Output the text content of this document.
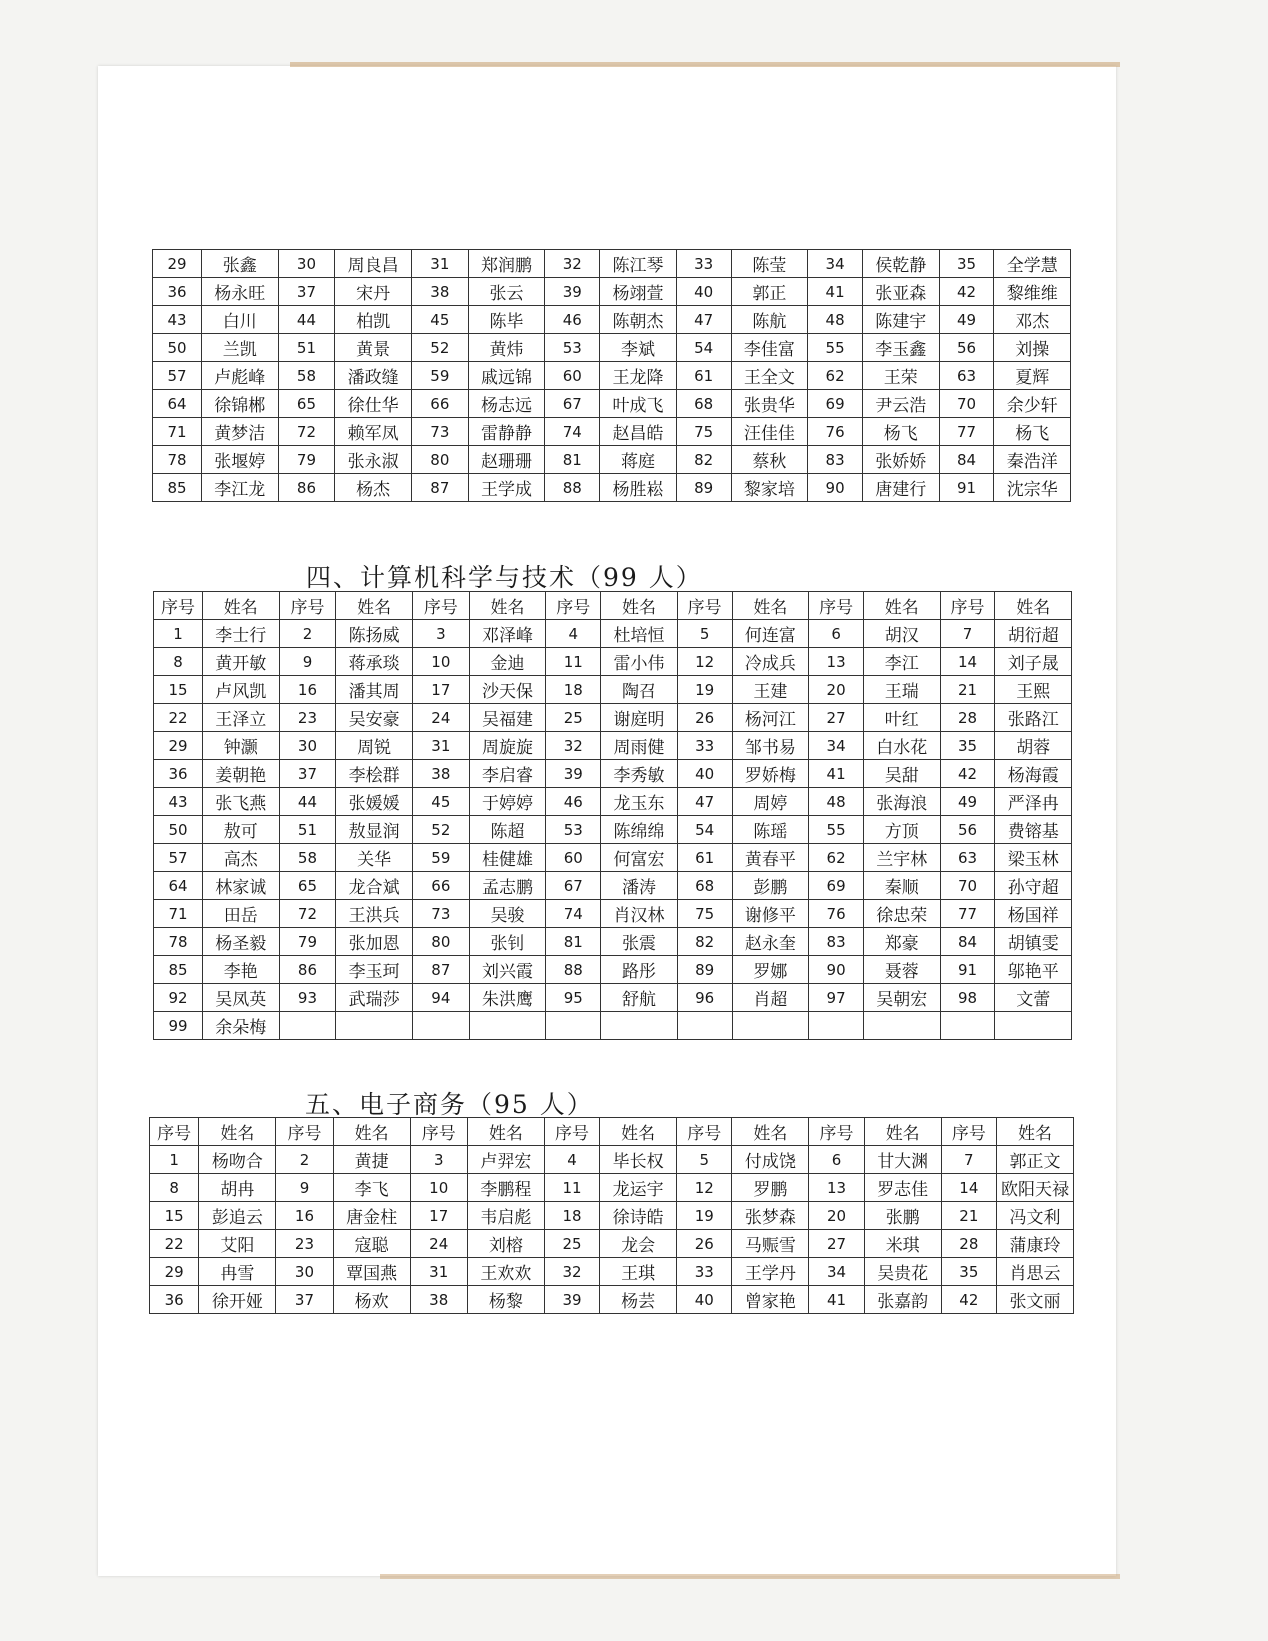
29	张鑫	30	周良昌	31	郑润鹏	32	陈江琴	33	陈莹	34	侯乾静	35	全学慧
36	杨永旺	37	宋丹	38	张云	39	杨翊萱	40	郭正	41	张亚森	42	黎维维
43	白川	44	柏凯	45	陈毕	46	陈朝杰	47	陈航	48	陈建宇	49	邓杰
50	兰凯	51	黄景	52	黄炜	53	李斌	54	李佳富	55	李玉鑫	56	刘操
57	卢彪峰	58	潘政缝	59	戚远锦	60	王龙降	61	王全文	62	王荣	63	夏辉
64	徐锦郴	65	徐仕华	66	杨志远	67	叶成飞	68	张贵华	69	尹云浩	70	余少轩
71	黄梦洁	72	赖军凤	73	雷静静	74	赵昌皓	75	汪佳佳	76	杨飞	77	杨飞
78	张堰婷	79	张永淑	80	赵珊珊	81	蒋庭	82	蔡秋	83	张娇娇	84	秦浩洋
85	李江龙	86	杨杰	87	王学成	88	杨胜崧	89	黎家培	90	唐建行	91	沈宗华
四、计算机科学与技术（99 人）
序号	姓名	序号	姓名	序号	姓名	序号	姓名	序号	姓名	序号	姓名	序号	姓名
1	李士行	2	陈扬威	3	邓泽峰	4	杜培恒	5	何连富	6	胡汉	7	胡衍超
8	黄开敏	9	蒋承琰	10	金迪	11	雷小伟	12	冷成兵	13	李江	14	刘子晟
15	卢风凯	16	潘其周	17	沙天保	18	陶召	19	王建	20	王瑞	21	王熙
22	王泽立	23	吴安豪	24	吴福建	25	谢庭明	26	杨河江	27	叶红	28	张路江
29	钟灏	30	周锐	31	周旋旋	32	周雨健	33	邹书易	34	白水花	35	胡蓉
36	姜朝艳	37	李桧群	38	李启睿	39	李秀敏	40	罗娇梅	41	吴甜	42	杨海霞
43	张飞燕	44	张媛媛	45	于婷婷	46	龙玉东	47	周婷	48	张海浪	49	严泽冉
50	敖可	51	敖显润	52	陈超	53	陈绵绵	54	陈瑶	55	方顶	56	费镕基
57	高杰	58	关华	59	桂健雄	60	何富宏	61	黄春平	62	兰宇林	63	梁玉林
64	林家诚	65	龙合斌	66	孟志鹏	67	潘涛	68	彭鹏	69	秦顺	70	孙守超
71	田岳	72	王洪兵	73	吴骏	74	肖汉林	75	谢修平	76	徐忠荣	77	杨国祥
78	杨圣毅	79	张加恩	80	张钊	81	张震	82	赵永奎	83	郑豪	84	胡镇雯
85	李艳	86	李玉珂	87	刘兴霞	88	路彤	89	罗娜	90	聂蓉	91	邬艳平
92	吴凤英	93	武瑞莎	94	朱洪鹰	95	舒航	96	肖超	97	吴朝宏	98	文蕾
99	余朵梅												
五、电子商务（95 人）
序号	姓名	序号	姓名	序号	姓名	序号	姓名	序号	姓名	序号	姓名	序号	姓名
1	杨吻合	2	黄捷	3	卢羿宏	4	毕长权	5	付成饶	6	甘大渊	7	郭正文
8	胡冉	9	李飞	10	李鹏程	11	龙运宇	12	罗鹏	13	罗志佳	14	欧阳天禄
15	彭追云	16	唐金柱	17	韦启彪	18	徐诗皓	19	张梦森	20	张鹏	21	冯文利
22	艾阳	23	寇聪	24	刘榕	25	龙会	26	马赈雪	27	米琪	28	蒲康玲
29	冉雪	30	覃国燕	31	王欢欢	32	王琪	33	王学丹	34	吴贵花	35	肖思云
36	徐开娅	37	杨欢	38	杨黎	39	杨芸	40	曾家艳	41	张嘉韵	42	张文丽
